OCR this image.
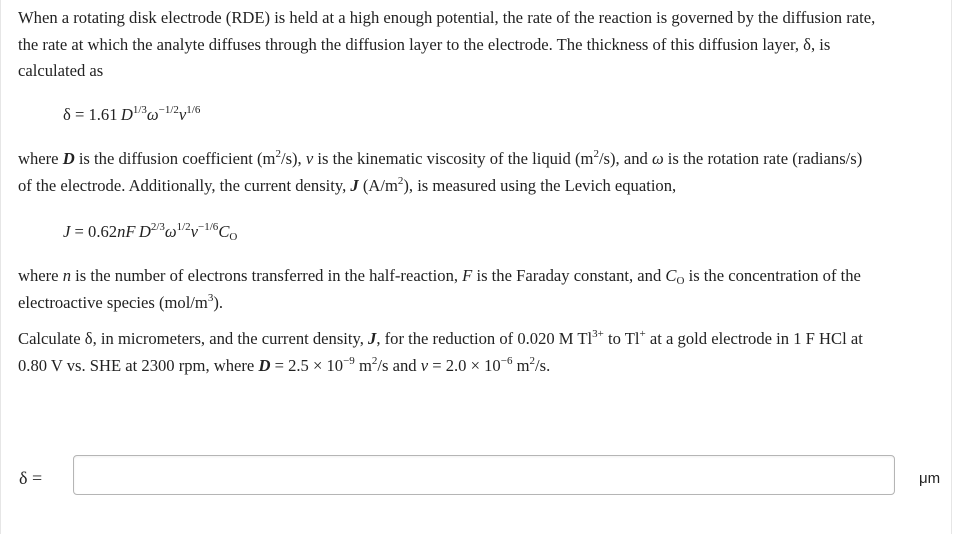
When a rotating disk electrode (RDE) is held at a high enough potential, the rate of the reaction is governed by the diffusion rate,
the rate at which the analyte diffuses through the diffusion layer to the electrode. The thickness of this diffusion layer, δ, is
calculated as

δ = 1.61  $D^{1/3}\omega^{-1/2}\nu^{1/6}$

where D is the diffusion coefficient $(m^2/s)$, ν is the kinematic viscosity of the liquid $(m^2/s)$, and ω is the rotation rate (radians/s)
of the electrode. Additionally, the current density, J $(A/m^2)$, is measured using the Levich equation,

J = 0.62nF  $D^{2/3}\omega^{1/2}\nu^{-1/6}C_O$

where n is the number of electrons transferred in the half-reaction, F is the Faraday constant, and $C_O$ is the concentration of the
electroactive species $(mol/m^3)$.

Calculate δ, in micrometers, and the current density, J, for the reduction of 0.020 M $Tl^{3+}$ to Tl+ at a gold electrode in 1 F HCl at
0.80 V vs. SHE at 2300 rpm, where $D = 2.5 \times 10^{-9}$ $m^2/s$ and $\nu = 2.0 \times 10^{-6}$ $m^2/s$.

δ =	μm
